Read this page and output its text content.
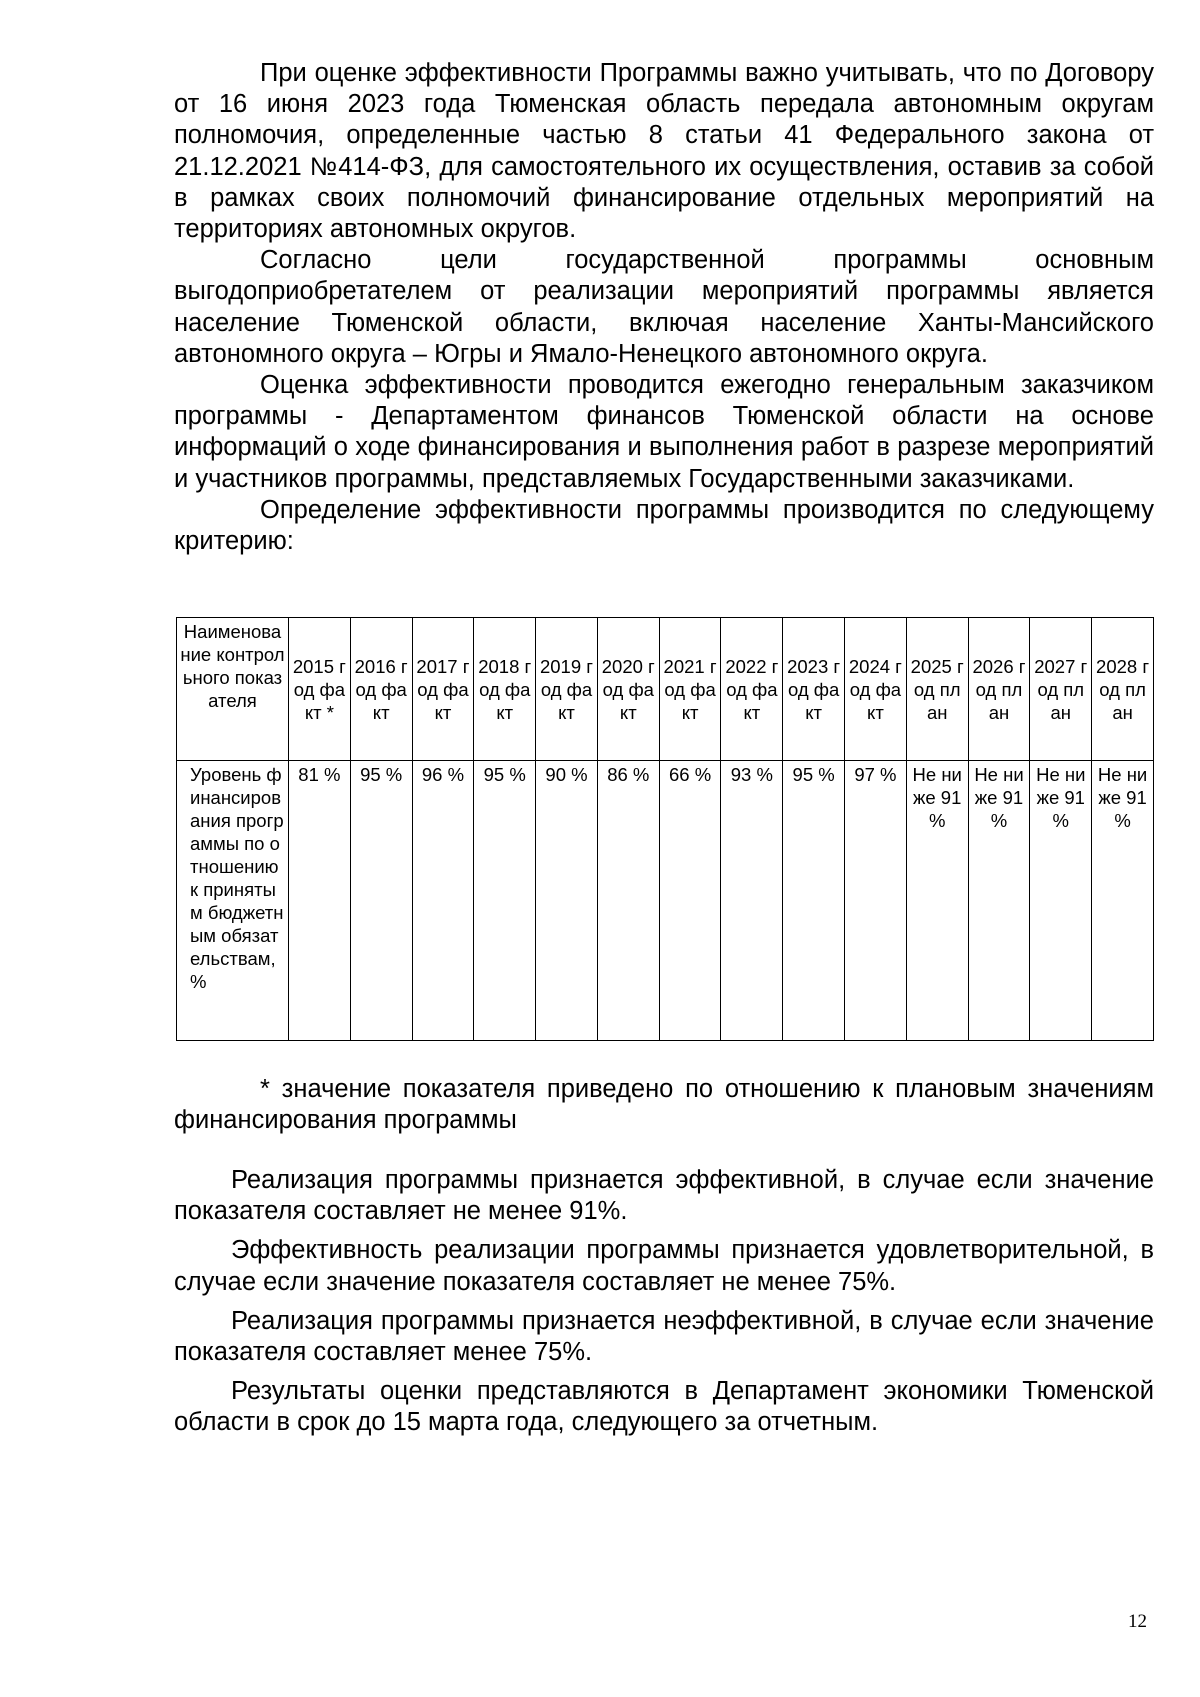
При оценке эффективности Программы важно учитывать, что по Договору от 16 июня 2023 года Тюменская область передала автономным округам полномочия, определенные частью 8 статьи 41 Федерального закона от 21.12.2021 №414-ФЗ, для самостоятельного их осуществления, оставив за собой в рамках своих полномочий финансирование отдельных мероприятий на территориях автономных округов.

Согласно цели государственной программы основным выгодоприобретателем от реализации мероприятий программы является население Тюменской области, включая население Ханты-Мансийского автономного округа – Югры и Ямало-Ненецкого автономного округа.

Оценка эффективности проводится ежегодно генеральным заказчиком программы - Департаментом финансов Тюменской области на основе информаций о ходе финансирования и выполнения работ в разрезе мероприятий и участников программы, представляемых Государственными заказчиками.

Определение эффективности программы производится по следующему критерию:

Наименование контрольного показателя	2015 год факт *	2016 год факт	2017 год факт	2018 год факт	2019 год факт	2020 год факт	2021 год факт	2022 год факт	2023 год факт	2024 год факт	2025 год план	2026 год план	2027 год план	2028 год план
Уровень финансирования программы по отношению к принятым бюджетным обязательствам, %	81 %	95 %	96 %	95 %	90 %	86 %	66 %	93 %	95 %	97 %	Не ниже 91 %	Не ниже 91 %	Не ниже 91 %	Не ниже 91 %

* значение показателя приведено по отношению к плановым значениям финансирования программы

Реализация программы признается эффективной, в случае если значение показателя составляет не менее 91%.

Эффективность реализации программы признается удовлетворительной, в случае если значение показателя составляет не менее 75%.

Реализация программы признается неэффективной, в случае если значение показателя составляет менее 75%.

Результаты оценки представляются в Департамент экономики Тюменской области в срок до 15 марта года, следующего за отчетным.

12
